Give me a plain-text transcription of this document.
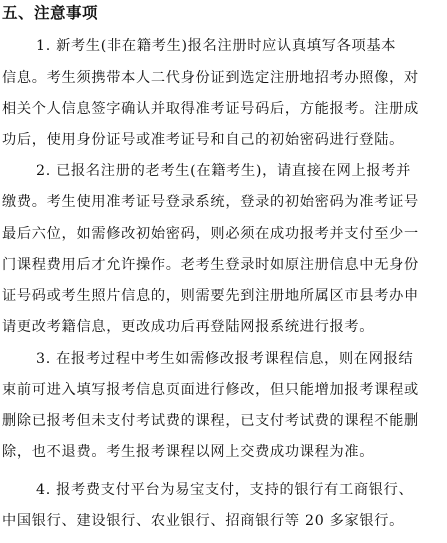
五、注意事项
1. 新考生(非在籍考生)报名注册时应认真填写各项基本
信息。考生须携带本人二代身份证到选定注册地招考办照像，对
相关个人信息签字确认并取得准考证号码后，方能报考。注册成
功后，使用身份证号或准考证号和自己的初始密码进行登陆。
2. 已报名注册的老考生(在籍考生)，请直接在网上报考并
缴费。考生使用准考证号登录系统，登录的初始密码为准考证号
最后六位，如需修改初始密码，则必须在成功报考并支付至少一
门课程费用后才允许操作。老考生登录时如原注册信息中无身份
证号码或考生照片信息的，则需要先到注册地所属区市县考办申
请更改考籍信息，更改成功后再登陆网报系统进行报考。
3. 在报考过程中考生如需修改报考课程信息，则在网报结
束前可进入填写报考信息页面进行修改，但只能增加报考课程或
删除已报考但未支付考试费的课程，已支付考试费的课程不能删
除，也不退费。考生报考课程以网上交费成功课程为准。
4. 报考费支付平台为易宝支付，支持的银行有工商银行、
中国银行、建设银行、农业银行、招商银行等 20 多家银行。
